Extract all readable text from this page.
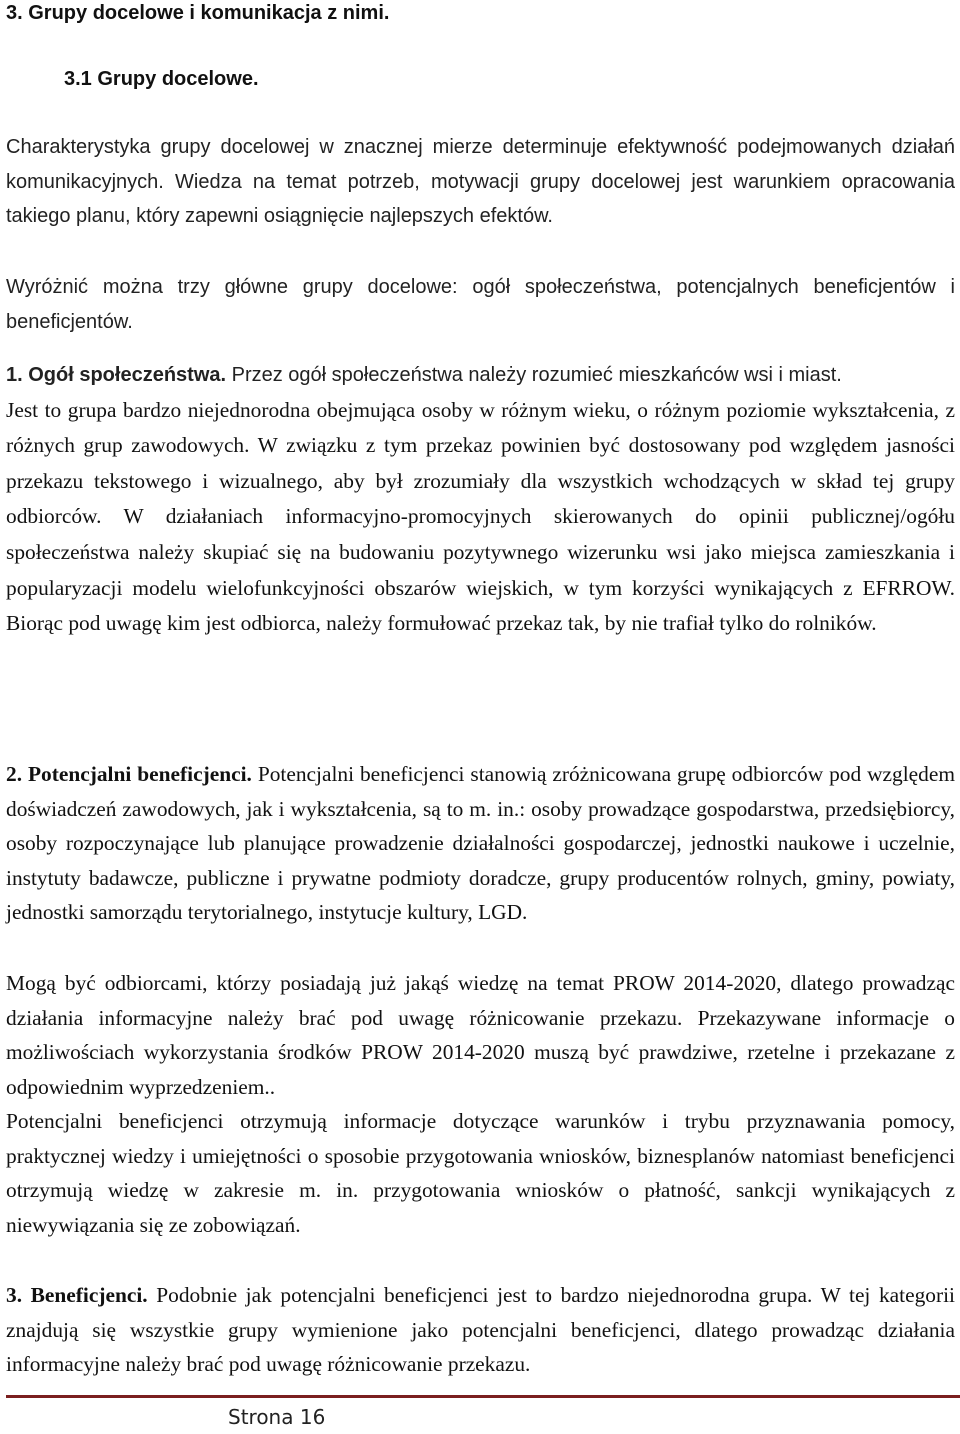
3. Grupy docelowe i komunikacja z nimi.
3.1 Grupy docelowe.

Charakterystyka grupy docelowej w znacznej mierze determinuje efektywność podejmowanych działań komunikacyjnych. Wiedza na temat potrzeb, motywacji grupy docelowej jest warunkiem opracowania takiego planu, który zapewni osiągnięcie najlepszych efektów.

Wyróżnić można trzy główne grupy docelowe: ogół społeczeństwa, potencjalnych beneficjentów i beneficjentów.

1. Ogół społeczeństwa. Przez ogół społeczeństwa należy rozumieć mieszkańców wsi i miast.
Jest to grupa bardzo niejednorodna obejmująca osoby w różnym wieku, o różnym poziomie wykształcenia, z różnych grup zawodowych. W związku z tym przekaz powinien być dostosowany pod względem jasności przekazu tekstowego i wizualnego, aby był zrozumiały dla wszystkich wchodzących w skład tej grupy odbiorców. W działaniach informacyjno-promocyjnych skierowanych do opinii publicznej/ogółu społeczeństwa należy skupiać się na budowaniu pozytywnego wizerunku wsi jako miejsca zamieszkania i popularyzacji modelu wielofunkcyjności obszarów wiejskich, w tym korzyści wynikających z EFRROW. Biorąc pod uwagę kim jest odbiorca, należy formułować przekaz tak, by nie trafiał tylko do rolników.

2. Potencjalni beneficjenci. Potencjalni beneficjenci stanowią zróżnicowana grupę odbiorców pod względem doświadczeń zawodowych, jak i wykształcenia, są to m. in.: osoby prowadzące gospodarstwa, przedsiębiorcy, osoby rozpoczynające lub planujące prowadzenie działalności gospodarczej, jednostki naukowe i uczelnie, instytuty badawcze, publiczne i prywatne podmioty doradcze, grupy producentów rolnych, gminy, powiaty, jednostki samorządu terytorialnego, instytucje kultury, LGD.

Mogą być odbiorcami, którzy posiadają już jakąś wiedzę na temat PROW 2014-2020, dlatego prowadząc działania informacyjne należy brać pod uwagę różnicowanie przekazu. Przekazywane informacje o możliwościach wykorzystania środków PROW 2014-2020 muszą być prawdziwe, rzetelne i przekazane z odpowiednim wyprzedzeniem..

Potencjalni beneficjenci otrzymują informacje dotyczące warunków i trybu przyznawania pomocy, praktycznej wiedzy i umiejętności o sposobie przygotowania wniosków, biznesplanów natomiast beneficjenci otrzymują wiedzę w zakresie m. in. przygotowania wniosków o płatność, sankcji wynikających z niewywiązania się ze zobowiązań.

3. Beneficjenci. Podobnie jak potencjalni beneficjenci jest to bardzo niejednorodna grupa. W tej kategorii znajdują się wszystkie grupy wymienione jako potencjalni beneficjenci, dlatego prowadząc działania informacyjne należy brać pod uwagę różnicowanie przekazu.

Strona 16
